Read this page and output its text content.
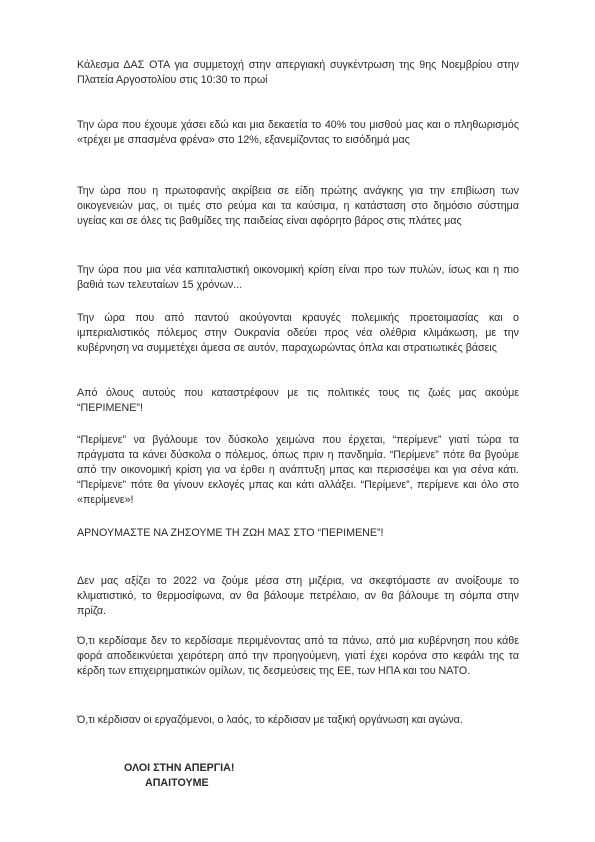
Κάλεσμα ΔΑΣ ΟΤΑ για συμμετοχή στην απεργιακή συγκέντρωση της 9ης Νοεμβρίου στην Πλατεία Αργοστολίου στις 10:30 το πρωί

Την ώρα που έχουμε χάσει εδώ και μια δεκαετία το 40% του μισθού μας και ο πληθωρισμός «τρέχει με σπασμένα φρένα» στο 12%, εξανεμίζοντας το εισόδημά μας

Την ώρα που η πρωτοφανής ακρίβεια σε είδη πρώτης ανάγκης για την επιβίωση των οικογενειών μας, οι τιμές στο ρεύμα και τα καύσιμα, η κατάσταση στο δημόσιο σύστημα υγείας και σε όλες τις βαθμίδες της παιδείας είναι αφόρητο βάρος στις πλάτες μας

Την ώρα που μια νέα καπιταλιστική οικονομική κρίση είναι προ των πυλών, ίσως και η πιο βαθιά των τελευταίων 15 χρόνων...

Την ώρα που από παντού ακούγονται κραυγές πολεμικής προετοιμασίας και ο ιμπεριαλιστικός πόλεμος στην Ουκρανία οδεύει προς νέα ολέθρια κλιμάκωση, με την κυβέρνηση να συμμετέχει άμεσα σε αυτόν, παραχωρώντας όπλα και στρατιωτικές βάσεις

Από όλους αυτούς που καταστρέφουν με τις πολιτικές τους τις ζωές μας ακούμε “ΠΕΡΙΜΕΝΕ”!

“Περίμενε” να βγάλουμε τον δύσκολο χειμώνα που έρχεται, “περίμενε” γιατί τώρα τα πράγματα τα κάνει δύσκολα ο πόλεμος, όπως πριν η πανδημία. “Περίμενε” πότε θα βγούμε από την οικονομική κρίση για να έρθει η ανάπτυξη μπας και περισσέψει και για σένα κάτι. “Περίμενε” πότε θα γίνουν εκλογές μπας και κάτι αλλάξει. “Περίμενε”, περίμενε και όλο στο «περίμενε»!

ΑΡΝΟΥΜΑΣΤΕ ΝΑ ΖΗΣΟΥΜΕ ΤΗ ΖΩΗ ΜΑΣ ΣΤΟ “ΠΕΡΙΜΕΝΕ”!

Δεν μας αξίζει το 2022 να ζούμε μέσα στη μιζέρια, να σκεφτόμαστε αν ανοίξουμε το κλιματιστικό, το θερμοσίφωνα, αν θα βάλουμε πετρέλαιο, αν θα βάλουμε τη σόμπα στην πρίζα.

Ό,τι κερδίσαμε δεν το κερδίσαμε περιμένοντας από τα πάνω, από μια κυβέρνηση που κάθε φορά αποδεικνύεται χειρότερη από την προηγούμενη, γιατί έχει κορόνα στο κεφάλι της τα κέρδη των επιχειρηματικών ομίλων, τις δεσμεύσεις της ΕΕ, των ΗΠΑ και του ΝΑΤΟ.

Ό,τι κέρδισαν οι εργαζόμενοι, ο λαός, το κέρδισαν με ταξική οργάνωση και αγώνα.

ΟΛΟΙ ΣΤΗΝ ΑΠΕΡΓΙΑ!

ΑΠΑΙΤΟΥΜΕ
